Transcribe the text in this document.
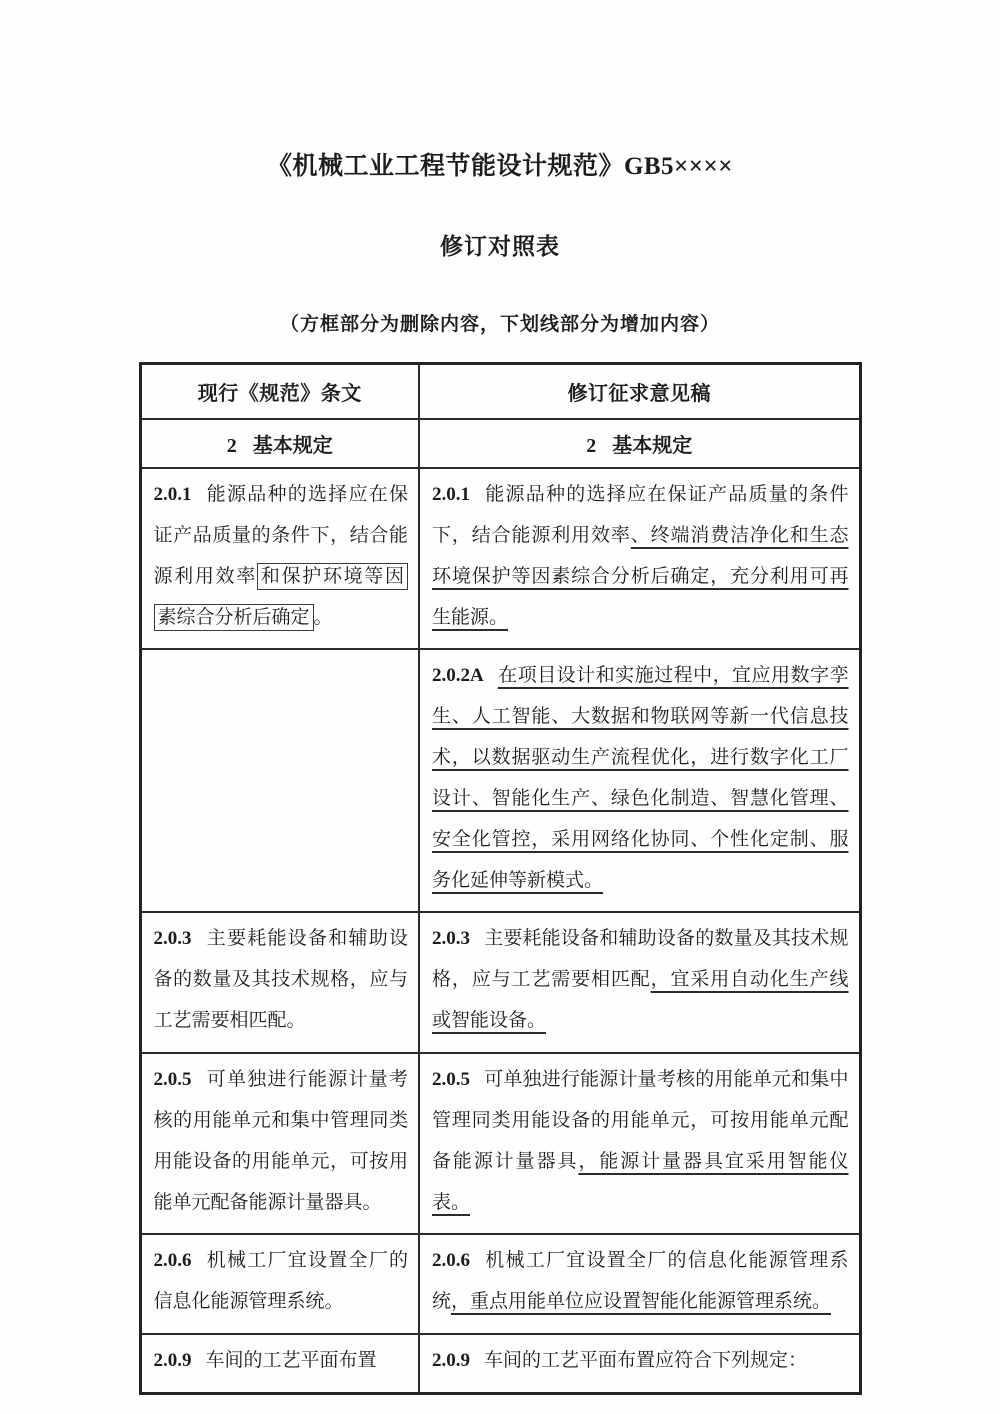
《机械工业工程节能设计规范》GB5××××
修订对照表

（方框部分为删除内容，下划线部分为增加内容）

现行《规范》条文	修订征求意见稿
2 基本规定	2 基本规定
2.0.1 能源品种的选择应在保证产品质量的条件下，结合能源利用效率 和保护环境等因素综合分析后确定 。	2.0.1 能源品种的选择应在保证产品质量的条件下，结合能源利用效率、终端消费洁净化和生态环境保护等因素综合分析后确定，充分利用可再生能源。
	2.0.2A 在项目设计和实施过程中，宜应用数字孪生、人工智能、大数据和物联网等新一代信息技术，以数据驱动生产流程优化，进行数字化工厂设计、智能化生产、绿色化制造、智慧化管理、安全化管控，采用网络化协同、个性化定制、服务化延伸等新模式。
2.0.3 主要耗能设备和辅助设备的数量及其技术规格，应与工艺需要相匹配。	2.0.3 主要耗能设备和辅助设备的数量及其技术规格，应与工艺需要相匹配，宜采用自动化生产线或智能设备。
2.0.5 可单独进行能源计量考核的用能单元和集中管理同类用能设备的用能单元，可按用能单元配备能源计量器具。	2.0.5 可单独进行能源计量考核的用能单元和集中管理同类用能设备的用能单元，可按用能单元配备能源计量器具，能源计量器具宜采用智能仪表。
2.0.6 机械工厂宜设置全厂的信息化能源管理系统。	2.0.6 机械工厂宜设置全厂的信息化能源管理系统，重点用能单位应设置智能化能源管理系统。
2.0.9 车间的工艺平面布置	2.0.9 车间的工艺平面布置应符合下列规定：
